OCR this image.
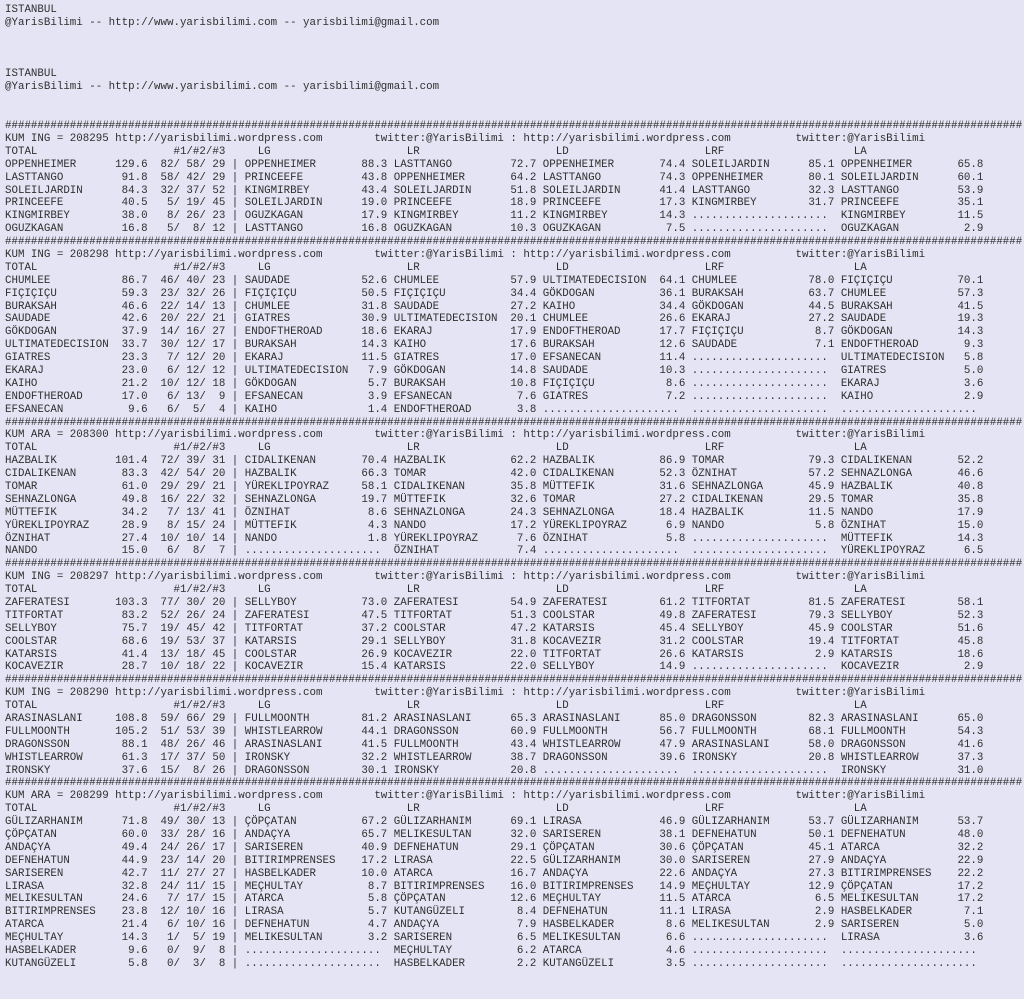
ISTANBUL
@YarisBilimi -- http://www.yarisbilimi.com -- yarisbilimi@gmail.com
ISTANBUL
@YarisBilimi -- http://www.yarisbilimi.com -- yarisbilimi@gmail.com
#############################################################################################################################################################
KUM ING = 208295 http://yarisbilimi.wordpress.com        twitter:@YarisBilimi : http://yarisbilimi.wordpress.com          twitter:@YarisBilimi
TOTAL                     #1/#2/#3     LG                     LR                     LD                     LRF                    LA
OPPENHEIMER      129.6  82/ 58/ 29 | OPPENHEIMER       88.3 LASTTANGO         72.7 OPPENHEIMER       74.4 SOLEILJARDIN      85.1 OPPENHEIMER       65.8
LASTTANGO         91.8  58/ 42/ 29 | PRINCEEFE         43.8 OPPENHEIMER       64.2 LASTTANGO         74.3 OPPENHEIMER       80.1 SOLEILJARDIN      60.1
SOLEILJARDIN      84.3  32/ 37/ 52 | KINGMIRBEY        43.4 SOLEILJARDIN      51.8 SOLEILJARDIN      41.4 LASTTANGO         32.3 LASTTANGO         53.9
PRINCEEFE         40.5   5/ 19/ 45 | SOLEILJARDIN      19.0 PRINCEEFE         18.9 PRINCEEFE         17.3 KINGMIRBEY        31.7 PRINCEEFE         35.1
KINGMIRBEY        38.0   8/ 26/ 23 | OGUZKAGAN         17.9 KINGMIRBEY        11.2 KINGMIRBEY        14.3 .....................  KINGMIRBEY        11.5
OGUZKAGAN         16.8   5/  8/ 12 | LASTTANGO         16.8 OGUZKAGAN         10.3 OGUZKAGAN          7.5 .....................  OGUZKAGAN          2.9
#############################################################################################################################################################
KUM ING = 208298 http://yarisbilimi.wordpress.com        twitter:@YarisBilimi : http://yarisbilimi.wordpress.com          twitter:@YarisBilimi
TOTAL                     #1/#2/#3     LG                     LR                     LD                     LRF                    LA
CHUMLEE           86.7  46/ 40/ 23 | SAUDADE           52.6 CHUMLEE           57.9 ULTIMATEDECISION  64.1 CHUMLEE           78.0 FIÇIÇIÇU          70.1
FIÇIÇIÇU          59.3  23/ 32/ 26 | FIÇIÇIÇU          50.5 FIÇIÇIÇU          34.4 GÖKDOGAN          36.1 BURAKSAH          63.7 CHUMLEE           57.3
BURAKSAH          46.6  22/ 14/ 13 | CHUMLEE           31.8 SAUDADE           27.2 KAIHO             34.4 GÖKDOGAN          44.5 BURAKSAH          41.5
SAUDADE           42.6  20/ 22/ 21 | GIATRES           30.9 ULTIMATEDECISION  20.1 CHUMLEE           26.6 EKARAJ            27.2 SAUDADE           19.3
GÖKDOGAN          37.9  14/ 16/ 27 | ENDOFTHEROAD      18.6 EKARAJ            17.9 ENDOFTHEROAD      17.7 FIÇIÇIÇU           8.7 GÖKDOGAN          14.3
ULTIMATEDECISION  33.7  30/ 12/ 17 | BURAKSAH          14.3 KAIHO             17.6 BURAKSAH          12.6 SAUDADE            7.1 ENDOFTHEROAD       9.3
GIATRES           23.3   7/ 12/ 20 | EKARAJ            11.5 GIATRES           17.0 EFSANECAN         11.4 .....................  ULTIMATEDECISION   5.8
EKARAJ            23.0   6/ 12/ 12 | ULTIMATEDECISION   7.9 GÖKDOGAN          14.8 SAUDADE           10.3 .....................  GIATRES            5.0
KAIHO             21.2  10/ 12/ 18 | GÖKDOGAN           5.7 BURAKSAH          10.8 FIÇIÇIÇU           8.6 .....................  EKARAJ             3.6
ENDOFTHEROAD      17.0   6/ 13/  9 | EFSANECAN          3.9 EFSANECAN          7.6 GIATRES            7.2 .....................  KAIHO              2.9
EFSANECAN          9.6   6/  5/  4 | KAIHO              1.4 ENDOFTHEROAD       3.8 .....................  .....................  .....................
#############################################################################################################################################################
KUM ARA = 208300 http://yarisbilimi.wordpress.com        twitter:@YarisBilimi : http://yarisbilimi.wordpress.com          twitter:@YarisBilimi
TOTAL                     #1/#2/#3     LG                     LR                     LD                     LRF                    LA
HAZBALIK         101.4  72/ 39/ 31 | CIDALIKENAN       70.4 HAZBALIK          62.2 HAZBALIK          86.9 TOMAR             79.3 CIDALIKENAN       52.2
CIDALIKENAN       83.3  42/ 54/ 20 | HAZBALIK          66.3 TOMAR             42.0 CIDALIKENAN       52.3 ÖZNIHAT           57.2 SEHNAZLONGA       46.6
TOMAR             61.0  29/ 29/ 21 | YÜREKLIPOYRAZ     58.1 CIDALIKENAN       35.8 MÜTTEFIK          31.6 SEHNAZLONGA       45.9 HAZBALIK          40.8
SEHNAZLONGA       49.8  16/ 22/ 32 | SEHNAZLONGA       19.7 MÜTTEFIK          32.6 TOMAR             27.2 CIDALIKENAN       29.5 TOMAR             35.8
MÜTTEFIK          34.2   7/ 13/ 41 | ÖZNIHAT            8.6 SEHNAZLONGA       24.3 SEHNAZLONGA       18.4 HAZBALIK          11.5 NANDO             17.9
YÜREKLIPOYRAZ     28.9   8/ 15/ 24 | MÜTTEFIK           4.3 NANDO             17.2 YÜREKLIPOYRAZ      6.9 NANDO              5.8 ÖZNIHAT           15.0
ÖZNIHAT           27.4  10/ 10/ 14 | NANDO              1.8 YÜREKLIPOYRAZ      7.6 ÖZNIHAT            5.8 .....................  MÜTTEFIK          14.3
NANDO             15.0   6/  8/  7 | .....................  ÖZNIHAT            7.4 .....................  .....................  YÜREKLIPOYRAZ      6.5
#############################################################################################################################################################
KUM ING = 208297 http://yarisbilimi.wordpress.com        twitter:@YarisBilimi : http://yarisbilimi.wordpress.com          twitter:@YarisBilimi
TOTAL                     #1/#2/#3     LG                     LR                     LD                     LRF                    LA
ZAFERATESI       103.3  77/ 30/ 20 | SELLYBOY          73.0 ZAFERATESI        54.9 ZAFERATESI        61.2 TITFORTAT         81.5 ZAFERATESI        58.1
TITFORTAT         83.2  52/ 26/ 24 | ZAFERATESI        47.5 TITFORTAT         51.3 COOLSTAR          49.8 ZAFERATESI        79.3 SELLYBOY          52.3
SELLYBOY          75.7  19/ 45/ 42 | TITFORTAT         37.2 COOLSTAR          47.2 KATARSIS          45.4 SELLYBOY          45.9 COOLSTAR          51.6
COOLSTAR          68.6  19/ 53/ 37 | KATARSIS          29.1 SELLYBOY          31.8 KOCAVEZIR         31.2 COOLSTAR          19.4 TITFORTAT         45.8
KATARSIS          41.4  13/ 18/ 45 | COOLSTAR          26.9 KOCAVEZIR         22.0 TITFORTAT         26.6 KATARSIS           2.9 KATARSIS          18.6
KOCAVEZIR         28.7  10/ 18/ 22 | KOCAVEZIR         15.4 KATARSIS          22.0 SELLYBOY          14.9 .....................  KOCAVEZIR          2.9
#############################################################################################################################################################
KUM ING = 208290 http://yarisbilimi.wordpress.com        twitter:@YarisBilimi : http://yarisbilimi.wordpress.com          twitter:@YarisBilimi
TOTAL                     #1/#2/#3     LG                     LR                     LD                     LRF                    LA
ARASINASLANI     108.8  59/ 66/ 29 | FULLMOONTH        81.2 ARASINASLANI      65.3 ARASINASLANI      85.0 DRAGONSSON        82.3 ARASINASLANI      65.0
FULLMOONTH       105.2  51/ 53/ 39 | WHISTLEARROW      44.1 DRAGONSSON        60.9 FULLMOONTH        56.7 FULLMOONTH        68.1 FULLMOONTH        54.3
DRAGONSSON        88.1  48/ 26/ 46 | ARASINASLANI      41.5 FULLMOONTH        43.4 WHISTLEARROW      47.9 ARASINASLANI      58.0 DRAGONSSON        41.6
WHISTLEARROW      61.3  17/ 37/ 50 | IRONSKY           32.2 WHISTLEARROW      38.7 DRAGONSSON        39.6 IRONSKY           20.8 WHISTLEARROW      37.3
IRONSKY           37.6  15/  8/ 26 | DRAGONSSON        30.1 IRONSKY           20.8 .....................  .....................  IRONSKY           31.0
#############################################################################################################################################################
KUM ARA = 208299 http://yarisbilimi.wordpress.com        twitter:@YarisBilimi : http://yarisbilimi.wordpress.com          twitter:@YarisBilimi
TOTAL                     #1/#2/#3     LG                     LR                     LD                     LRF                    LA
GÜLIZARHANIM      71.8  49/ 30/ 13 | ÇÖPÇATAN          67.2 GÜLIZARHANIM      69.1 LIRASA            46.9 GÜLIZARHANIM      53.7 GÜLIZARHANIM      53.7
ÇÖPÇATAN          60.0  33/ 28/ 16 | ANDAÇYA           65.7 MELIKESULTAN      32.0 SARISEREN         38.1 DEFNEHATUN        50.1 DEFNEHATUN        48.0
ANDAÇYA           49.4  24/ 26/ 17 | SARISEREN         40.9 DEFNEHATUN        29.1 ÇÖPÇATAN          30.6 ÇÖPÇATAN          45.1 ATARCA            32.2
DEFNEHATUN        44.9  23/ 14/ 20 | BITIRIMPRENSES    17.2 LIRASA            22.5 GÜLIZARHANIM      30.0 SARISEREN         27.9 ANDAÇYA           22.9
SARISEREN         42.7  11/ 27/ 27 | HASBELKADER       10.0 ATARCA            16.7 ANDAÇYA           22.6 ANDAÇYA           27.3 BITIRIMPRENSES    22.2
LIRASA            32.8  24/ 11/ 15 | MEÇHULTAY          8.7 BITIRIMPRENSES    16.0 BITIRIMPRENSES    14.9 MEÇHULTAY         12.9 ÇÖPÇATAN          17.2
MELIKESULTAN      24.6   7/ 17/ 15 | ATARCA             5.8 ÇÖPÇATAN          12.6 MEÇHULTAY         11.5 ATARCA             6.5 MELIKESULTAN      17.2
BITIRIMPRENSES    23.8  12/ 10/ 16 | LIRASA             5.7 KUTANGÜZELI        8.4 DEFNEHATUN        11.1 LIRASA             2.9 HASBELKADER        7.1
ATARCA            21.4   6/ 10/ 16 | DEFNEHATUN         4.7 ANDAÇYA            7.9 HASBELKADER        8.6 MELIKESULTAN       2.9 SARISEREN          5.0
MEÇHULTAY         14.3   1/  5/ 19 | MELIKESULTAN       3.2 SARISEREN          6.5 MELIKESULTAN       6.6 .....................  LIRASA             3.6
HASBELKADER        9.6   0/  9/  8 | .....................  MEÇHULTAY          6.2 ATARCA             4.6 .....................  .....................
KUTANGÜZELI        5.8   0/  3/  8 | .....................  HASBELKADER        2.2 KUTANGÜZELI        3.5 .....................  .....................
